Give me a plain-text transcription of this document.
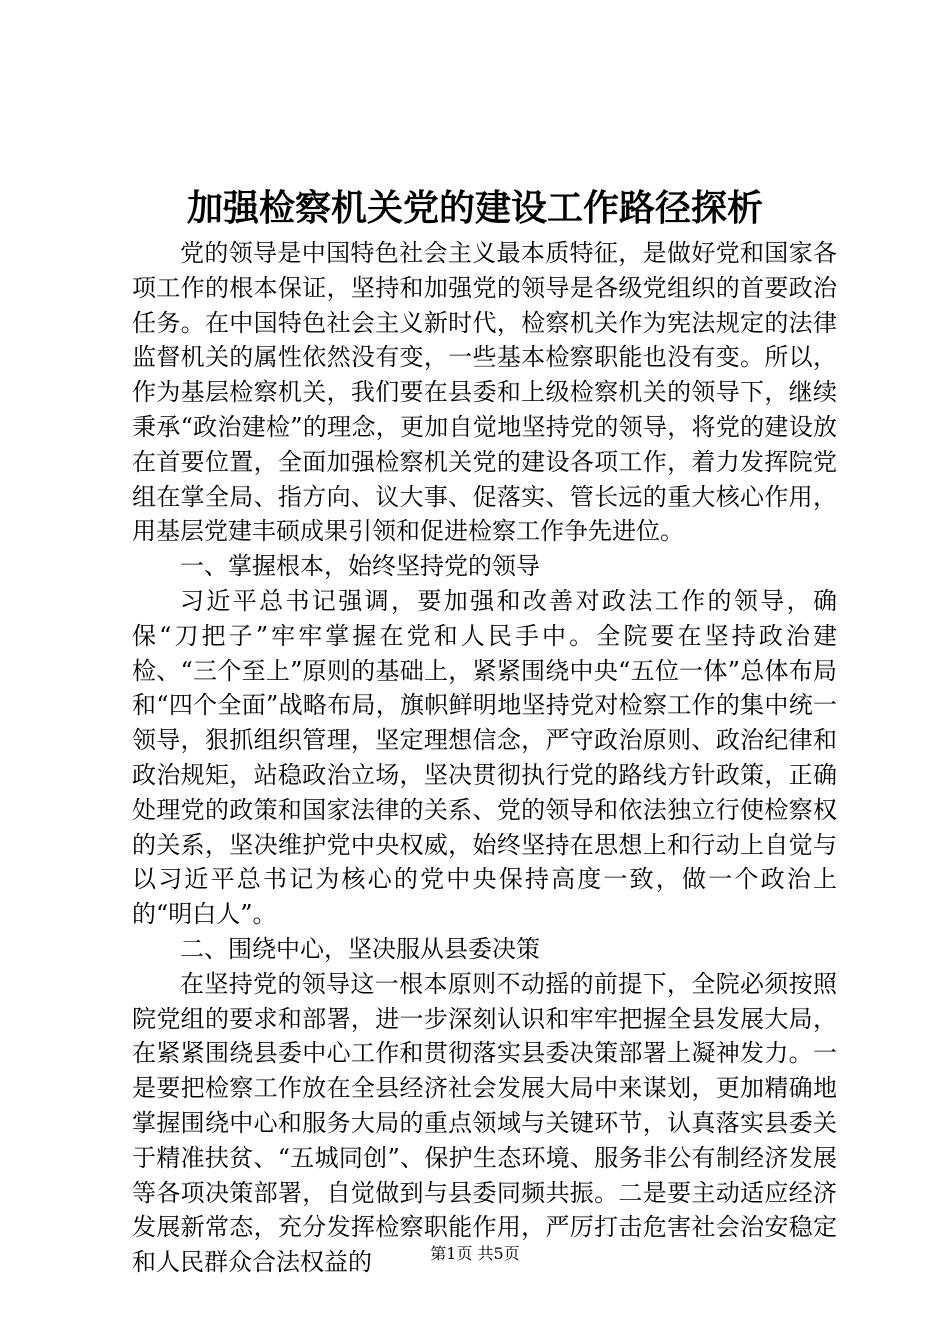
加强检察机关党的建设工作路径探析

党的领导是中国特色社会主义最本质特征，是做好党和国家各项工作的根本保证，坚持和加强党的领导是各级党组织的首要政治任务。在中国特色社会主义新时代，检察机关作为宪法规定的法律监督机关的属性依然没有变，一些基本检察职能也没有变。所以，作为基层检察机关，我们要在县委和上级检察机关的领导下，继续秉承“政治建检”的理念，更加自觉地坚持党的领导，将党的建设放在首要位置，全面加强检察机关党的建设各项工作，着力发挥院党组在掌全局、指方向、议大事、促落实、管长远的重大核心作用，用基层党建丰硕成果引领和促进检察工作争先进位。

一、掌握根本，始终坚持党的领导

习近平总书记强调，要加强和改善对政法工作的领导，确保“刀把子”牢牢掌握在党和人民手中。全院要在坚持政治建检、“三个至上”原则的基础上，紧紧围绕中央“五位一体”总体布局和“四个全面”战略布局，旗帜鲜明地坚持党对检察工作的集中统一领导，狠抓组织管理，坚定理想信念，严守政治原则、政治纪律和政治规矩，站稳政治立场，坚决贯彻执行党的路线方针政策，正确处理党的政策和国家法律的关系、党的领导和依法独立行使检察权的关系，坚决维护党中央权威，始终坚持在思想上和行动上自觉与以习近平总书记为核心的党中央保持高度一致，做一个政治上的“明白人”。

二、围绕中心，坚决服从县委决策

在坚持党的领导这一根本原则不动摇的前提下，全院必须按照院党组的要求和部署，进一步深刻认识和牢牢把握全县发展大局，在紧紧围绕县委中心工作和贯彻落实县委决策部署上凝神发力。一是要把检察工作放在全县经济社会发展大局中来谋划，更加精确地掌握围绕中心和服务大局的重点领域与关键环节，认真落实县委关于精准扶贫、“五城同创”、保护生态环境、服务非公有制经济发展等各项决策部署，自觉做到与县委同频共振。二是要主动适应经济发展新常态，充分发挥检察职能作用，严厉打击危害社会治安稳定和人民群众合法权益的	第1页 共5页
